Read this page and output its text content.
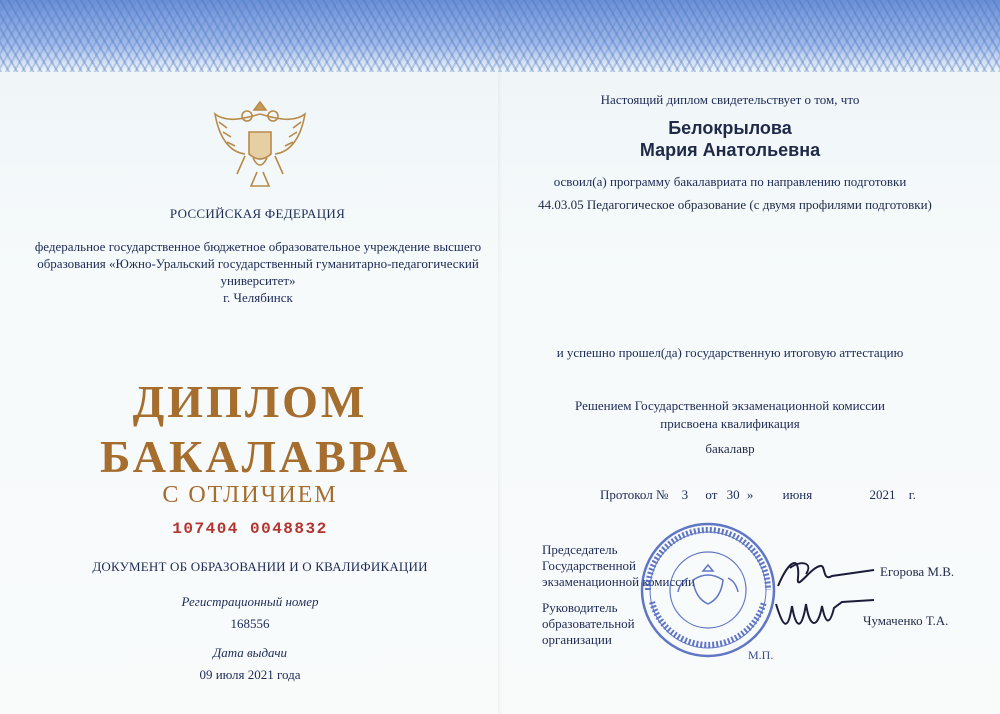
РОССИЙСКАЯ ФЕДЕРАЦИЯ
федеральное государственное бюджетное образовательное учреждение высшего
образования «Южно-Уральский государственный гуманитарно-педагогический
университет»
г. Челябинск
ДИПЛОМ
БАКАЛАВРА
С ОТЛИЧИЕМ
107404 0048832
ДОКУМЕНТ ОБ ОБРАЗОВАНИИ И О КВАЛИФИКАЦИИ
Регистрационный номер
168556
Дата выдачи
09 июля 2021 года
Настоящий диплом свидетельствует о том, что
Белокрылова
Мария Анатольевна
освоил(а) программу бакалавриата по направлению подготовки
44.03.05 Педагогическое образование (с двумя профилями подготовки)
и успешно прошел(да) государственную итоговую аттестацию
Решением Государственной экзаменационной комиссии
присвоена квалификация
бакалавр
Протокол № 3 от 30 » июня	2021 г.
Председатель
Государственной
экзаменационной комиссии
Руководитель образовательной
организации
Егорова М.В.
Чумаченко Т.А.
М.П.
